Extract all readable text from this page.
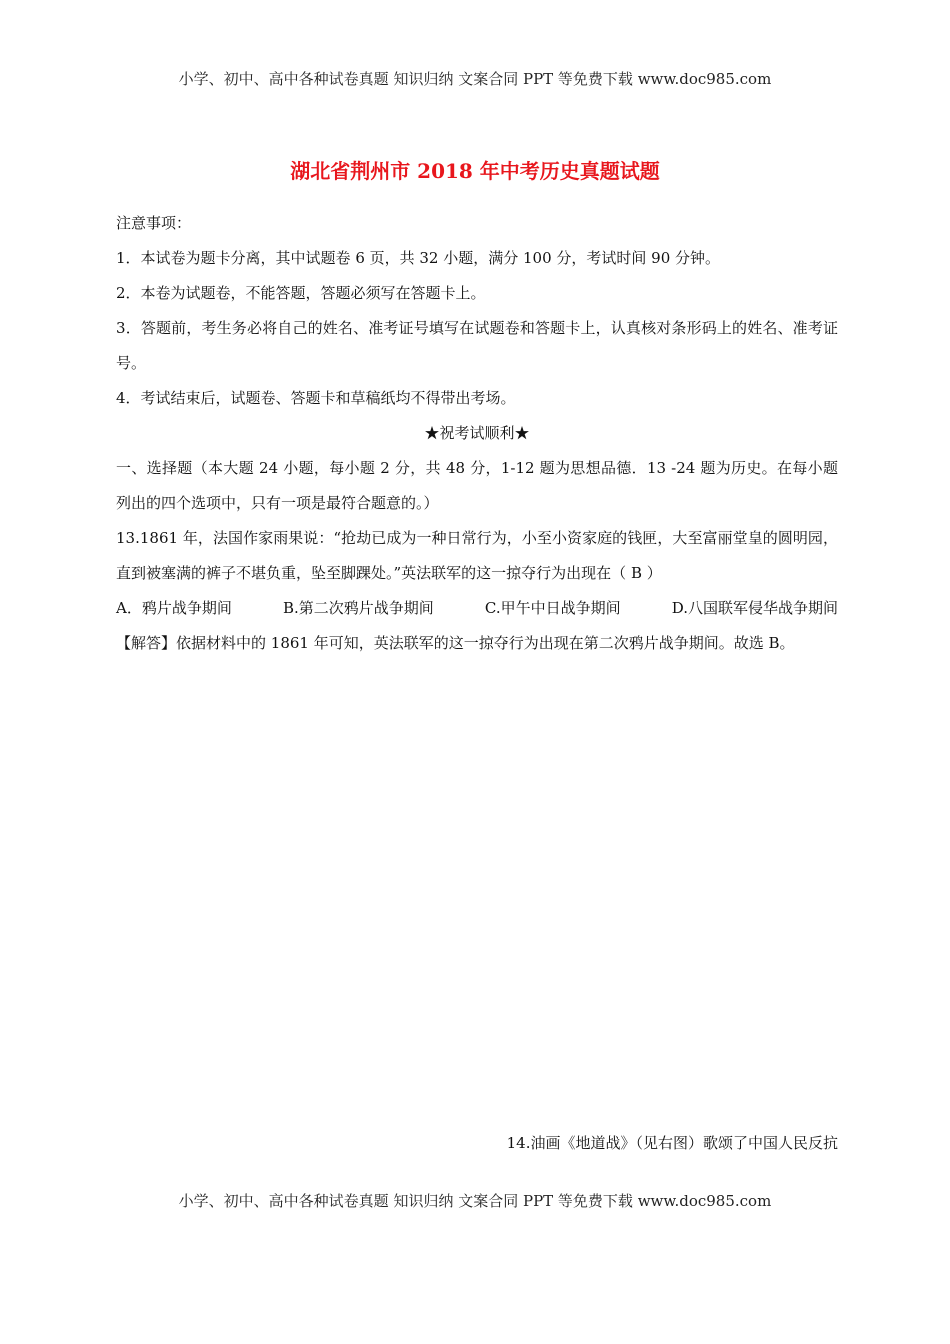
小学、初中、高中各种试卷真题 知识归纳 文案合同 PPT 等免费下载 www.doc985.com
湖北省荆州市 2018 年中考历史真题试题
注意事项：
1．本试卷为题卡分离，其中试题卷 6 页，共 32 小题，满分 100 分，考试时间 90 分钟。
2．本卷为试题卷，不能答题，答题必须写在答题卡上。
3．答题前，考生务必将自己的姓名、准考证号填写在试题卷和答题卡上，认真核对条形码上的姓名、准考证号。
4．考试结束后，试题卷、答题卡和草稿纸均不得带出考场。
★祝考试顺利★
一、选择题（本大题 24 小题，每小题 2 分，共 48 分，1-12 题为思想品德．13 -24 题为历史。在每小题列出的四个选项中，只有一项是最符合题意的。）
13.1861 年，法国作家雨果说：“抢劫已成为一种日常行为，小至小资家庭的钱匣，大至富丽堂皇的圆明园，直到被塞满的裤子不堪负重，坠至脚踝处。”英法联军的这一掠夺行为出现在（ B ）
A．鸦片战争期间	B.第二次鸦片战争期间	C.甲午中日战争期间	D.八国联军侵华战争期间
【解答】依据材料中的 1861 年可知，英法联军的这一掠夺行为出现在第二次鸦片战争期间。故选 B。
14.油画《地道战》（见右图）歌颂了中国人民反抗
小学、初中、高中各种试卷真题 知识归纳 文案合同 PPT 等免费下载 www.doc985.com
